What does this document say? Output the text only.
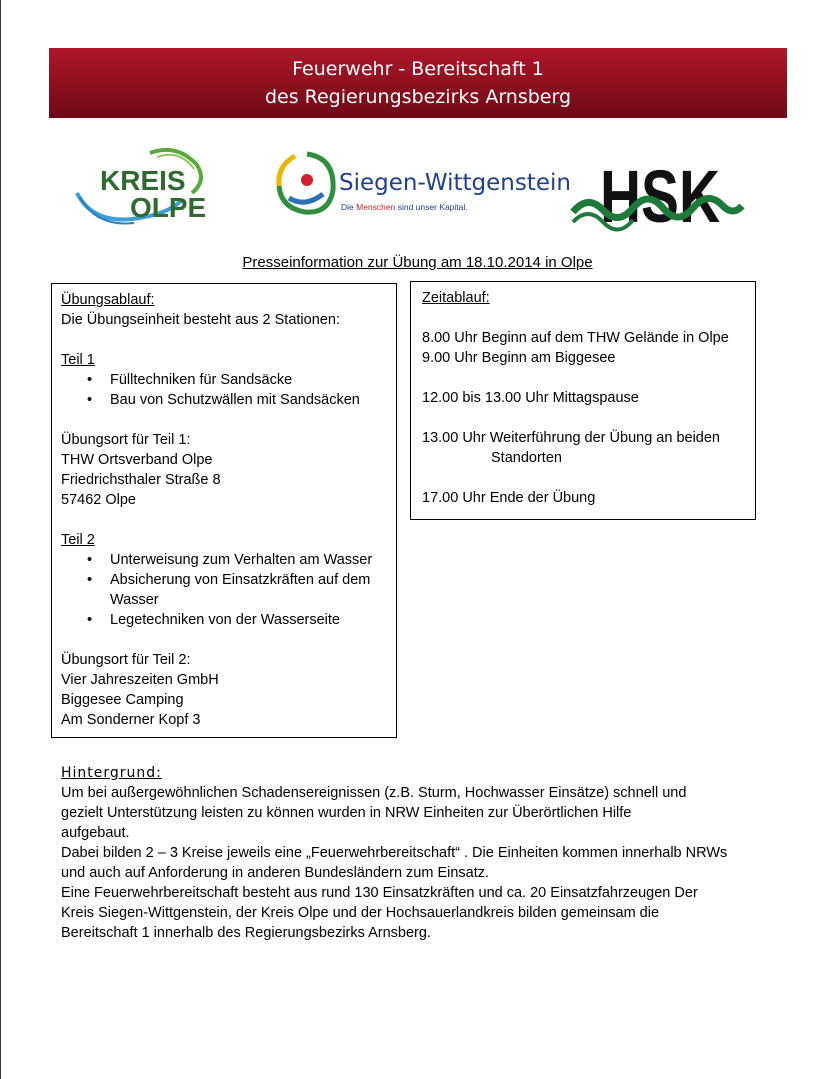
Feuerwehr - Bereitschaft 1
des Regierungsbezirks Arnsberg
KREIS
OLPE
Siegen-Wittgenstein
Die Menschen sind unser Kapital. HSK
Presseinformation zur Übung am 18.10.2014 in Olpe
Übungsablauf:
Die Übungseinheit besteht aus 2 Stationen:
Teil 1
• Fülltechniken für Sandsäcke
• Bau von Schutzwällen mit Sandsäcken
Übungsort für Teil 1:
THW Ortsverband Olpe
Friedrichsthaler Straße 8
57462 Olpe
Teil 2
• Unterweisung zum Verhalten am Wasser
• Absicherung von Einsatzkräften auf dem Wasser
• Legetechniken von der Wasserseite
Übungsort für Teil 2:
Vier Jahreszeiten GmbH
Biggesee Camping
Am Sonderner Kopf 3
Zeitablauf:
8.00 Uhr Beginn auf dem THW Gelände in Olpe
9.00 Uhr Beginn am Biggesee
12.00 bis 13.00 Uhr Mittagspause
13.00 Uhr Weiterführung der Übung an beiden
Standorten
17.00 Uhr Ende der Übung
Hintergrund:
Um bei außergewöhnlichen Schadensereignissen (z.B. Sturm, Hochwasser Einsätze) schnell und
gezielt Unterstützung leisten zu können wurden in NRW Einheiten zur Überörtlichen Hilfe
aufgebaut.
Dabei bilden 2 – 3 Kreise jeweils eine „Feuerwehrbereitschaft“ . Die Einheiten kommen innerhalb NRWs
und auch auf Anforderung in anderen Bundesländern zum Einsatz.
Eine Feuerwehrbereitschaft besteht aus rund 130 Einsatzkräften und ca. 20 Einsatzfahrzeugen Der
Kreis Siegen-Wittgenstein, der Kreis Olpe und der Hochsauerlandkreis bilden gemeinsam die
Bereitschaft 1 innerhalb des Regierungsbezirks Arnsberg.
